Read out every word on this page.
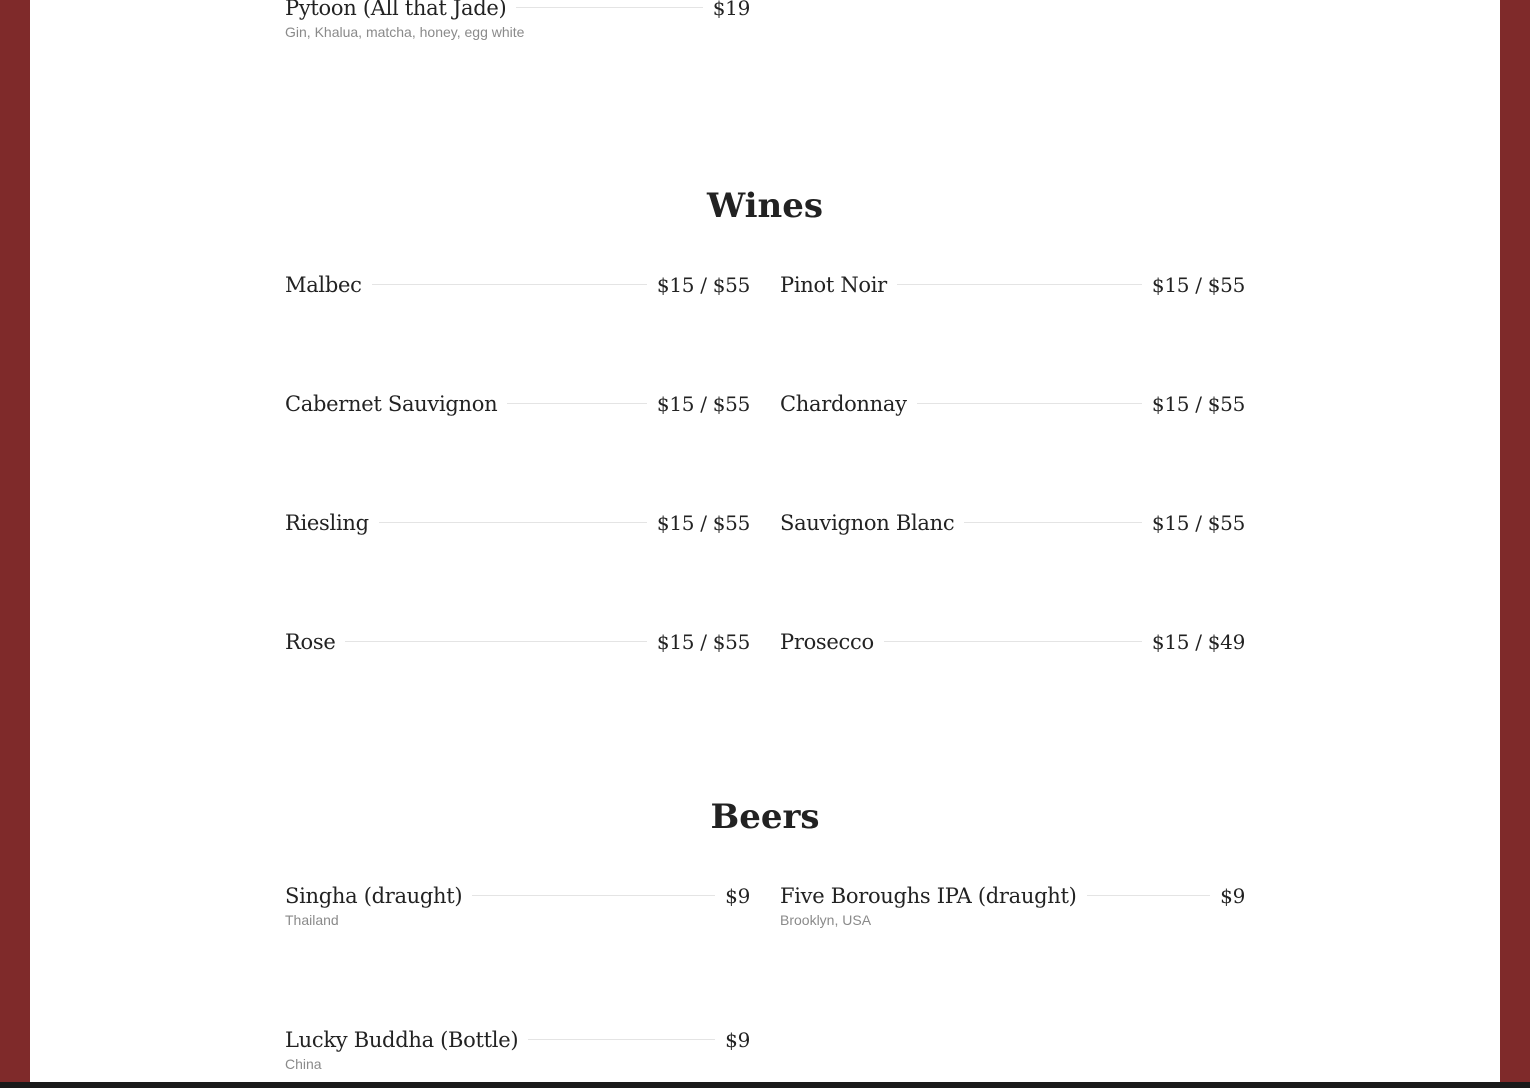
Pytoon (All that Jade)	$19
Gin, Khalua, matcha, honey, egg white
Wines
Malbec	$15 / $55 Pinot Noir	$15 / $55
Cabernet Sauvignon	$15 / $55 Chardonnay	$15 / $55
Riesling	$15 / $55 Sauvignon Blanc	$15 / $55
Rose	$15 / $55 Prosecco	$15 / $49
Beers
Singha (draught)	$9
Thailand
Five Boroughs IPA (draught)	$9
Brooklyn, USA
Lucky Buddha (Bottle)	$9
China
